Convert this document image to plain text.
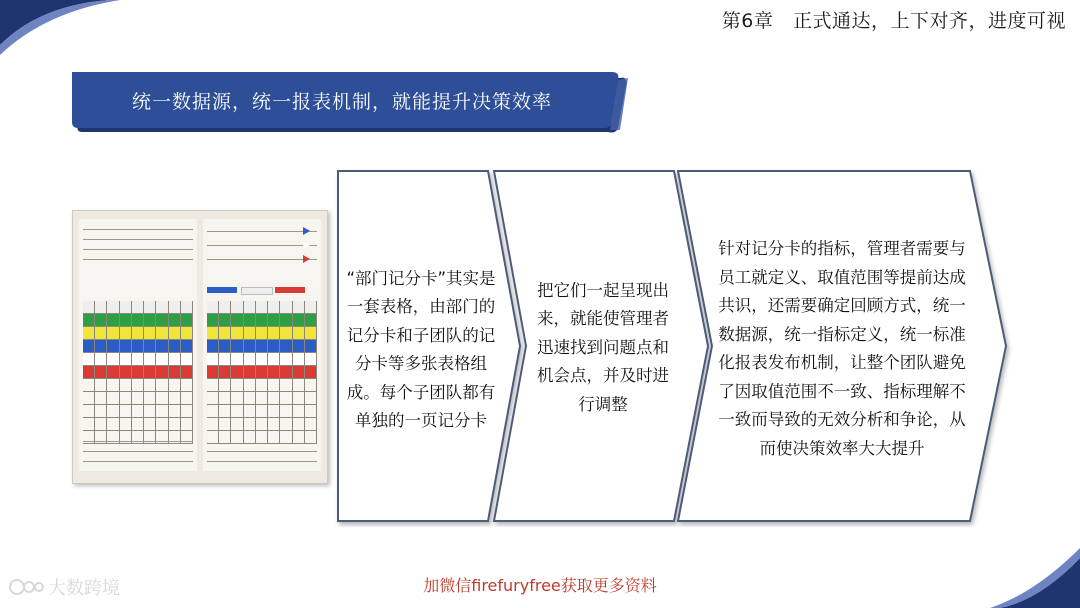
第6章   正式通达，上下对齐，进度可视
统一数据源，统一报表机制，就能提升决策效率
“部门记分卡”其实是一套表格，由部门的记分卡和子团队的记分卡等多张表格组成。每个子团队都有单独的一页记分卡
把它们一起呈现出来，就能使管理者迅速找到问题点和机会点，并及时进行调整
针对记分卡的指标，管理者需要与员工就定义、取值范围等提前达成共识，还需要确定回顾方式，统一数据源，统一指标定义，统一标准化报表发布机制，让整个团队避免了因取值范围不一致、指标理解不一致而导致的无效分析和争论，从而使决策效率大大提升
大数跨境	加微信firefuryfree获取更多资料
